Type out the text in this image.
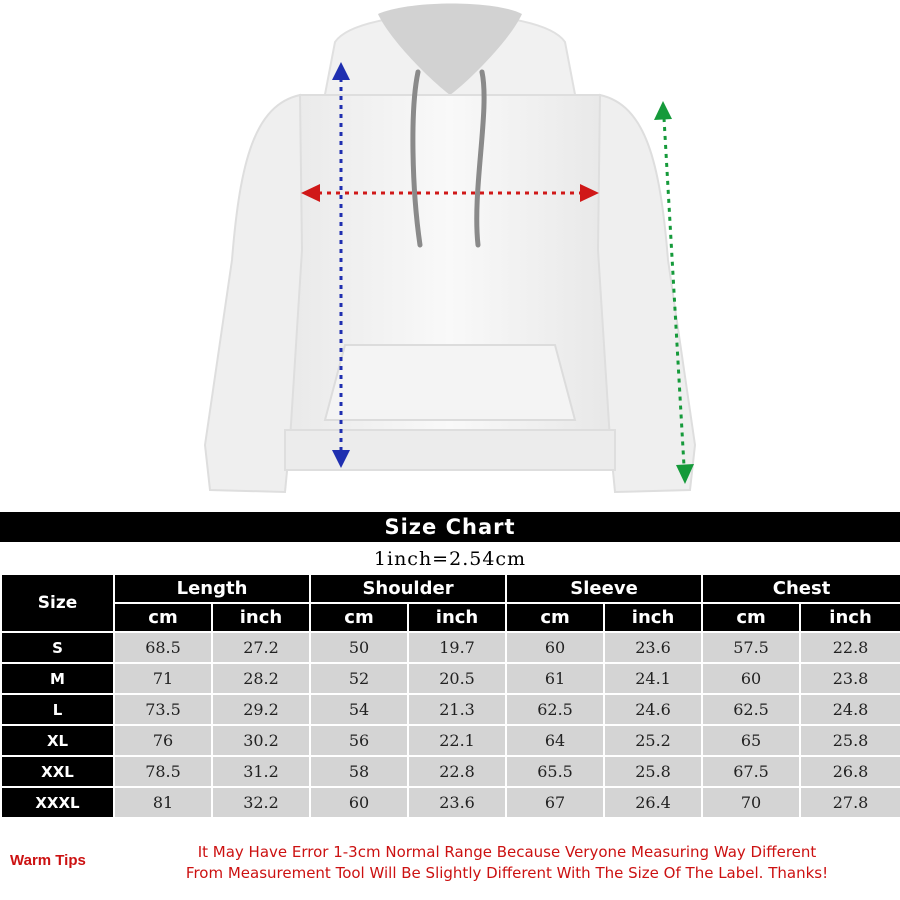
Size Chart
1inch=2.54cm
Size	Length		Shoulder		Sleeve		Chest	
	cm	inch	cm	inch	cm	inch	cm	inch
S	68.5	27.2	50	19.7	60	23.6	57.5	22.8
M	71	28.2	52	20.5	61	24.1	60	23.8
L	73.5	29.2	54	21.3	62.5	24.6	62.5	24.8
XL	76	30.2	56	22.1	64	25.2	65	25.8
XXL	78.5	31.2	58	22.8	65.5	25.8	67.5	26.8
XXXL	81	32.2	60	23.6	67	26.4	70	27.8
Warm Tips	It May Have Error 1-3cm Normal Range Because Veryone Measuring Way Different
From Measurement Tool Will Be Slightly Different With The Size Of The Label. Thanks!
